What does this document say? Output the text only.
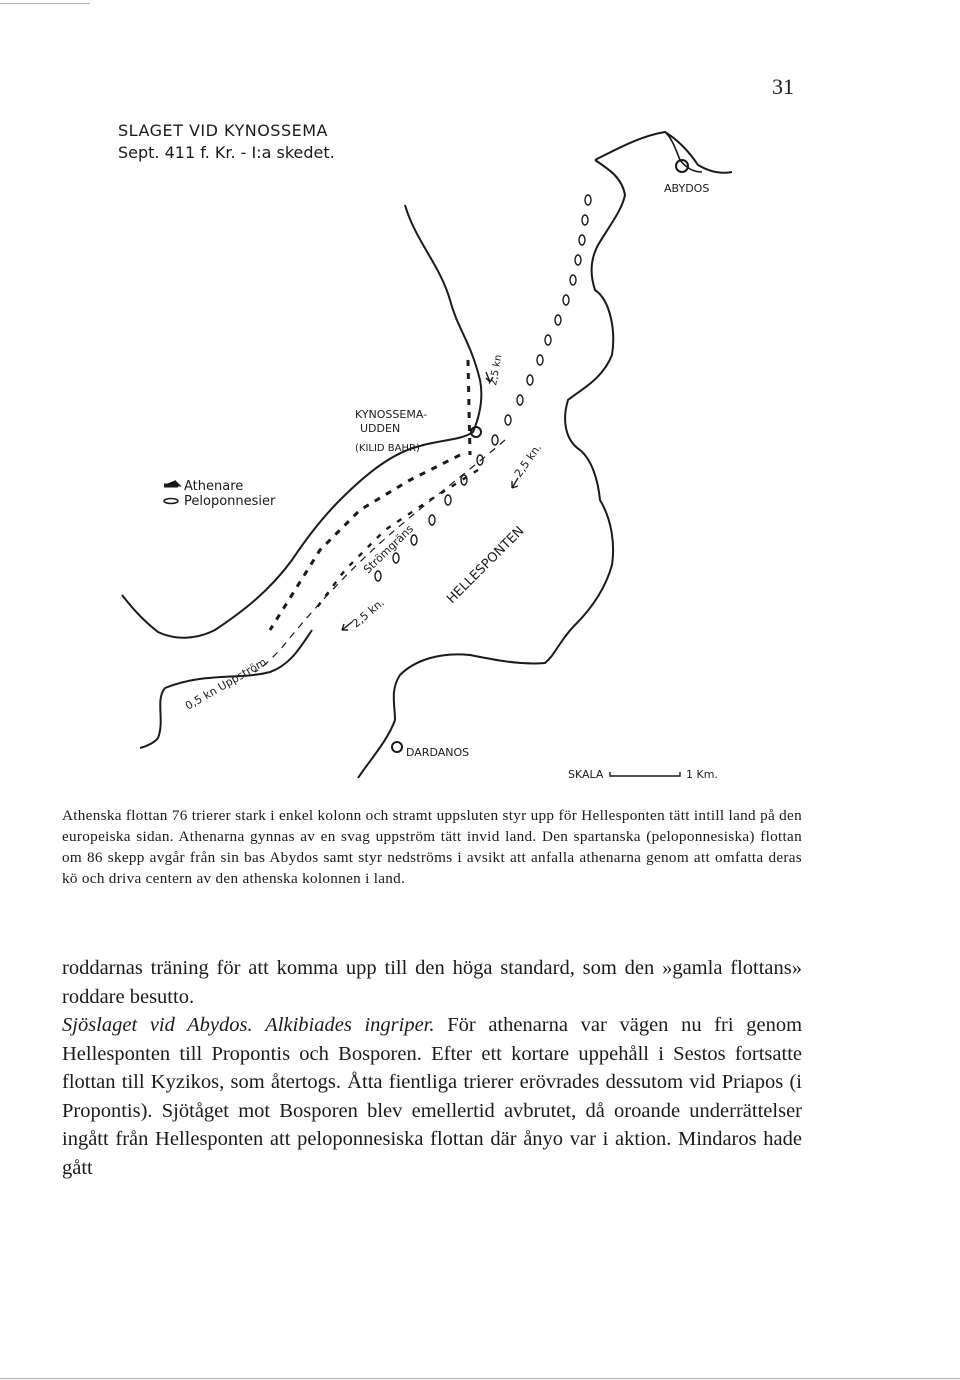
31
SLAGET VID KYNOSSEMA
Sept. 411 f. Kr. - I:a skedet.
KYNOSSEMA-
UDDEN
(KILID BAHR)
ABYDOS
DARDANOS
Athenare
Peloponnesier
HELLESPONTEN
Strömgräns
0,5 kn Uppström
2,5 kn.
2,5 kn.
2,5 kn
SKALA	1 Km.

Athenska flottan 76 trierer stark i enkel kolonn och stramt uppsluten styr upp för Hellesponten tätt intill land på den europeiska sidan. Athenarna gynnas av en svag uppström tätt invid land. Den spartanska (peloponnesiska) flottan om 86 skepp avgår från sin bas Abydos samt styr nedströms i avsikt att anfalla athenarna genom att omfatta deras kö och driva centern av den athenska kolonnen i land.

roddarnas träning för att komma upp till den höga standard, som den »gamla flottans» roddare besutto.

Sjöslaget vid Abydos. Alkibiades ingriper. För athenarna var vägen nu fri genom Hellesponten till Propontis och Bosporen. Efter ett kortare uppehåll i Sestos fortsatte flottan till Kyzikos, som återtogs. Åtta fientliga trierer erövrades dessutom vid Priapos (i Propontis). Sjötåget mot Bosporen blev emellertid avbrutet, då oroande underrättelser ingått från Hellesponten att peloponnesiska flottan där ånyo var i aktion. Mindaros hade gått
